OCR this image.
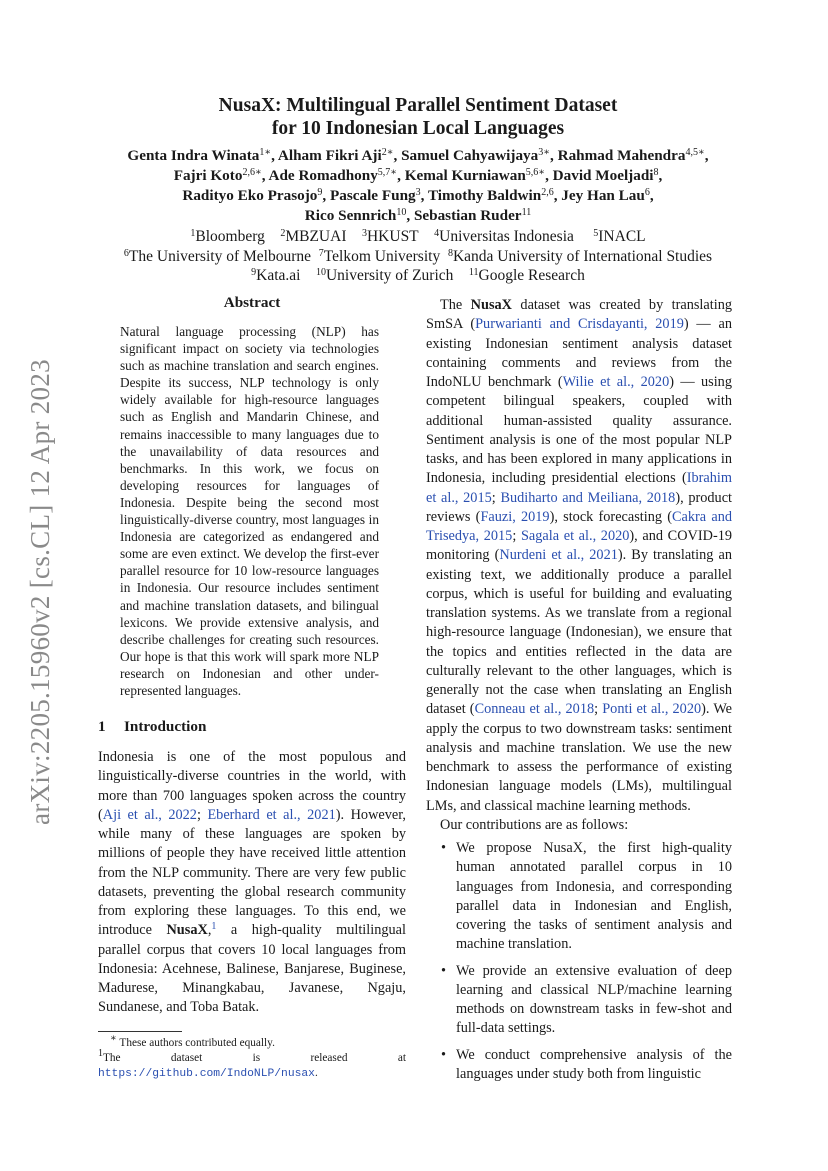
arXiv:2205.15960v2 [cs.CL] 12 Apr 2023
NusaX: Multilingual Parallel Sentiment Dataset
for 10 Indonesian Local Languages
Genta Indra Winata$^{1∗}$, Alham Fikri Aji$^{2∗}$, Samuel Cahyawijaya$^{3∗}$, Rahmad Mahendra$^{4,5∗}$,
Fajri Koto$^{2,6∗}$, Ade Romadhony$^{5,7∗}$, Kemal Kurniawan$^{5,6∗}$, David Moeljadi$^8$,
Radityo Eko Prasojo$^9$, Pascale Fung$^3$, Timothy Baldwin$^{2,6}$, Jey Han Lau$^6$,
Rico Sennrich$^{10}$, Sebastian Ruder$^{11}$
$^1$Bloomberg $^2$MBZUAI $^3$HKUST $^4$Universitas Indonesia $^5$INACL
$^6$The University of Melbourne $^7$Telkom University $^8$Kanda University of International Studies
$^9$Kata.ai $^{10}$University of Zurich $^{11}$Google Research
Abstract
Natural language processing (NLP) has significant impact on society via technologies such as machine translation and search engines. Despite its success, NLP technology is only widely available for high-resource languages such as English and Mandarin Chinese, and remains inaccessible to many languages due to the unavailability of data resources and benchmarks. In this work, we focus on developing resources for languages of Indonesia. Despite being the second most linguistically-diverse country, most languages in Indonesia are categorized as endangered and some are even extinct. We develop the first-ever parallel resource for 10 low-resource languages in Indonesia. Our resource includes sentiment and machine translation datasets, and bilingual lexicons. We provide extensive analysis, and describe challenges for creating such resources. Our hope is that this work will spark more NLP research on Indonesian and other under-represented languages.
1 Introduction
Indonesia is one of the most populous and linguistically-diverse countries in the world, with more than 700 languages spoken across the country (Aji et al., 2022; Eberhard et al., 2021). However, while many of these languages are spoken by millions of people they have received little attention from the NLP community. There are very few public datasets, preventing the global research community from exploring these languages. To this end, we introduce NusaX,$^1$ a high-quality multilingual parallel corpus that covers 10 local languages from Indonesia: Acehnese, Balinese, Banjarese, Buginese, Madurese, Minangkabau, Javanese, Ngaju, Sundanese, and Toba Batak.
∗ These authors contributed equally.
$^1$The dataset is released at https://github.com/IndoNLP/nusax.
The NusaX dataset was created by translating SmSA (Purwarianti and Crisdayanti, 2019) — an existing Indonesian sentiment analysis dataset containing comments and reviews from the IndoNLU benchmark (Wilie et al., 2020) — using competent bilingual speakers, coupled with additional human-assisted quality assurance. Sentiment analysis is one of the most popular NLP tasks, and has been explored in many applications in Indonesia, including presidential elections (Ibrahim et al., 2015; Budiharto and Meiliana, 2018), product reviews (Fauzi, 2019), stock forecasting (Cakra and Trisedya, 2015; Sagala et al., 2020), and COVID-19 monitoring (Nurdeni et al., 2021). By translating an existing text, we additionally produce a parallel corpus, which is useful for building and evaluating translation systems. As we translate from a regional high-resource language (Indonesian), we ensure that the topics and entities reflected in the data are culturally relevant to the other languages, which is generally not the case when translating an English dataset (Conneau et al., 2018; Ponti et al., 2020). We apply the corpus to two downstream tasks: sentiment analysis and machine translation. We use the new benchmark to assess the performance of existing Indonesian language models (LMs), multilingual LMs, and classical machine learning methods.
Our contributions are as follows:
• We propose NusaX, the first high-quality human annotated parallel corpus in 10 languages from Indonesia, and corresponding parallel data in Indonesian and English, covering the tasks of sentiment analysis and machine translation.
• We provide an extensive evaluation of deep learning and classical NLP/machine learning methods on downstream tasks in few-shot and full-data settings.
• We conduct comprehensive analysis of the languages under study both from linguistic
